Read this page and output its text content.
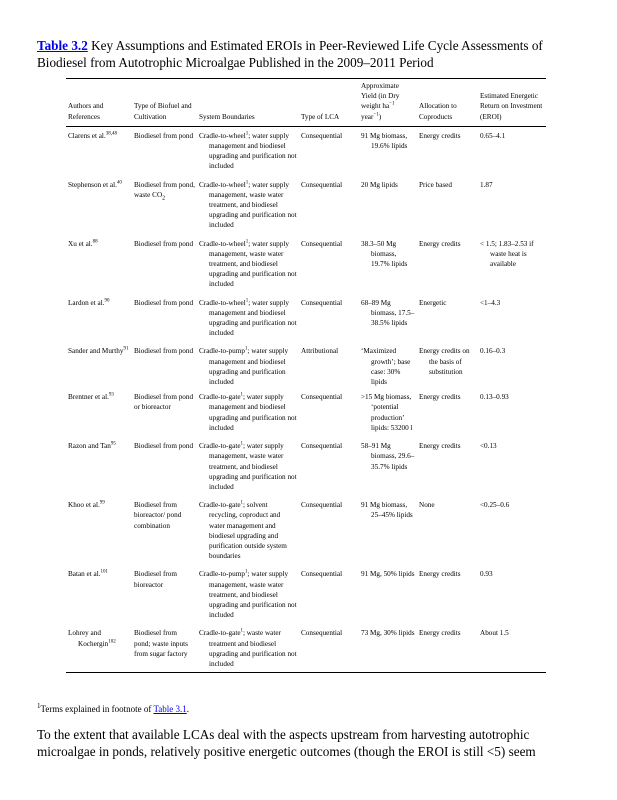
Table 3.2 Key Assumptions and Estimated EROIs in Peer-Reviewed Life Cycle Assessments of Biodiesel from Autotrophic Microalgae Published in the 2009–2011 Period
Authors and References	Type of Biofuel and Cultivation	System Boundaries	Type of LCA	Approximate Yield (in Dry weight $ha^{-1}$ year$^{-1}$)	Allocation to Coproducts	Estimated Energetic Return on Investment (EROI)

Clarens et al.$^{38,48}$	Biodiesel from pond	Cradle-to-wheel$^1$; water supply management and biodiesel upgrading and purification not included	Consequential	91 Mg biomass, 19.6% lipids	Energy credits	0.65–4.1

Stephenson et al.$^{40}$	Biodiesel from pond, waste $CO_2$	Cradle-to-wheel$^1$; water supply management, waste water treatment, and biodiesel upgrading and purification not included	Consequential	20 Mg lipids	Price based	1.87

Xu et al.$^{88}$	Biodiesel from pond	Cradle-to-wheel$^1$; water supply management, waste water treatment, and biodiesel upgrading and purification not included	Consequential	38.3–50 Mg biomass, 19.7% lipids	Energy credits	< 1.5; 1.83–2.53 if waste heat is available

Lardon et al.$^{90}$	Biodiesel from pond	Cradle-to-wheel$^1$; water supply management and biodiesel upgrading and purification not included	Consequential	68–89 Mg biomass, 17.5–38.5% lipids	Energetic	<1–4.3

Sander and Murthy$^{91}$	Biodiesel from pond	Cradle-to-pump$^1$; water supply management and biodiesel upgrading and purification included	Attributional	‘Maximized growth’; base case: 30% lipids	Energy credits on the basis of substitution	0.16–0.3

Brentner et al.$^{93}$	Biodiesel from pond or bioreactor	Cradle-to-gate$^1$; water supply management and biodiesel upgrading and purification not included	Consequential	>15 Mg biomass, ‘potential production’ lipids: 53200 l	Energy credits	0.13–0.93

Razon and Tan$^{95}$	Biodiesel from pond	Cradle-to-gate$^1$; water supply management, waste water treatment, and biodiesel upgrading and purification not included	Consequential	58–91 Mg biomass, 29.6–35.7% lipids	Energy credits	<0.13

Khoo et al.$^{99}$	Biodiesel from bioreactor/ pond combination	Cradle-to-gate$^1$; solvent recycling, coproduct and water management and biodiesel upgrading and purification outside system boundaries	Consequential	91 Mg biomass, 25–45% lipids	None	<0.25–0.6

Batan et al.$^{101}$	Biodiesel from bioreactor	Cradle-to-pump$^1$; water supply management, waste water treatment, and biodiesel upgrading and purification not included	Consequential	91 Mg, 50% lipids	Energy credits	0.93

Lohrey and Kochergin$^{102}$	Biodiesel from pond; waste inputs from sugar factory	Cradle-to-gate$^1$; waste water treatment and biodiesel upgrading and purification not included	Consequential	73 Mg, 30% lipids	Energy credits	About 1.5
$^1$Terms explained in footnote of Table 3.1.
To the extent that available LCAs deal with the aspects upstream from harvesting autotrophic microalgae in ponds, relatively positive energetic outcomes (though the EROI is still <5) seem
